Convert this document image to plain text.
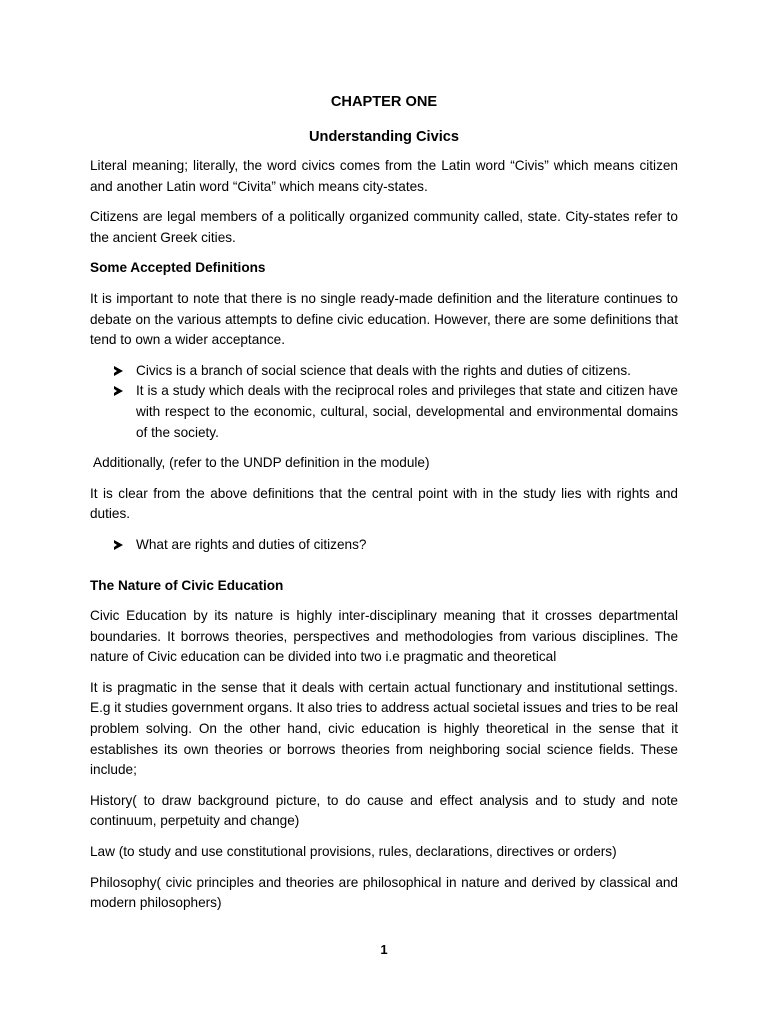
CHAPTER ONE
Understanding Civics

Literal meaning; literally, the word civics comes from the Latin word “Civis” which means citizen and another Latin word “Civita” which means city-states.

Citizens are legal members of a politically organized community called, state. City-states refer to the ancient Greek cities.

Some Accepted Definitions

It is important to note that there is no single ready-made definition and the literature continues to debate on the various attempts to define civic education. However, there are some definitions that tend to own a wider acceptance.

Civics is a branch of social science that deals with the rights and duties of citizens.
It is a study which deals with the reciprocal roles and privileges that state and citizen have with respect to the economic, cultural, social, developmental and environmental domains of the society.

Additionally, (refer to the UNDP definition in the module)

It is clear from the above definitions that the central point with in the study lies with rights and duties.

What are rights and duties of citizens?
The Nature of Civic Education

Civic Education by its nature is highly inter-disciplinary meaning that it crosses departmental boundaries. It borrows theories, perspectives and methodologies from various disciplines. The nature of Civic education can be divided into two i.e pragmatic and theoretical

It is pragmatic in the sense that it deals with certain actual functionary and institutional settings. E.g it studies government organs. It also tries to address actual societal issues and tries to be real problem solving. On the other hand, civic education is highly theoretical in the sense that it establishes its own theories or borrows theories from neighboring social science fields. These include;

History( to draw background picture, to do cause and effect analysis and to study and note continuum, perpetuity and change)

Law (to study and use constitutional provisions, rules, declarations, directives or orders)

Philosophy( civic principles and theories are philosophical in nature and derived by classical and modern philosophers)

1
